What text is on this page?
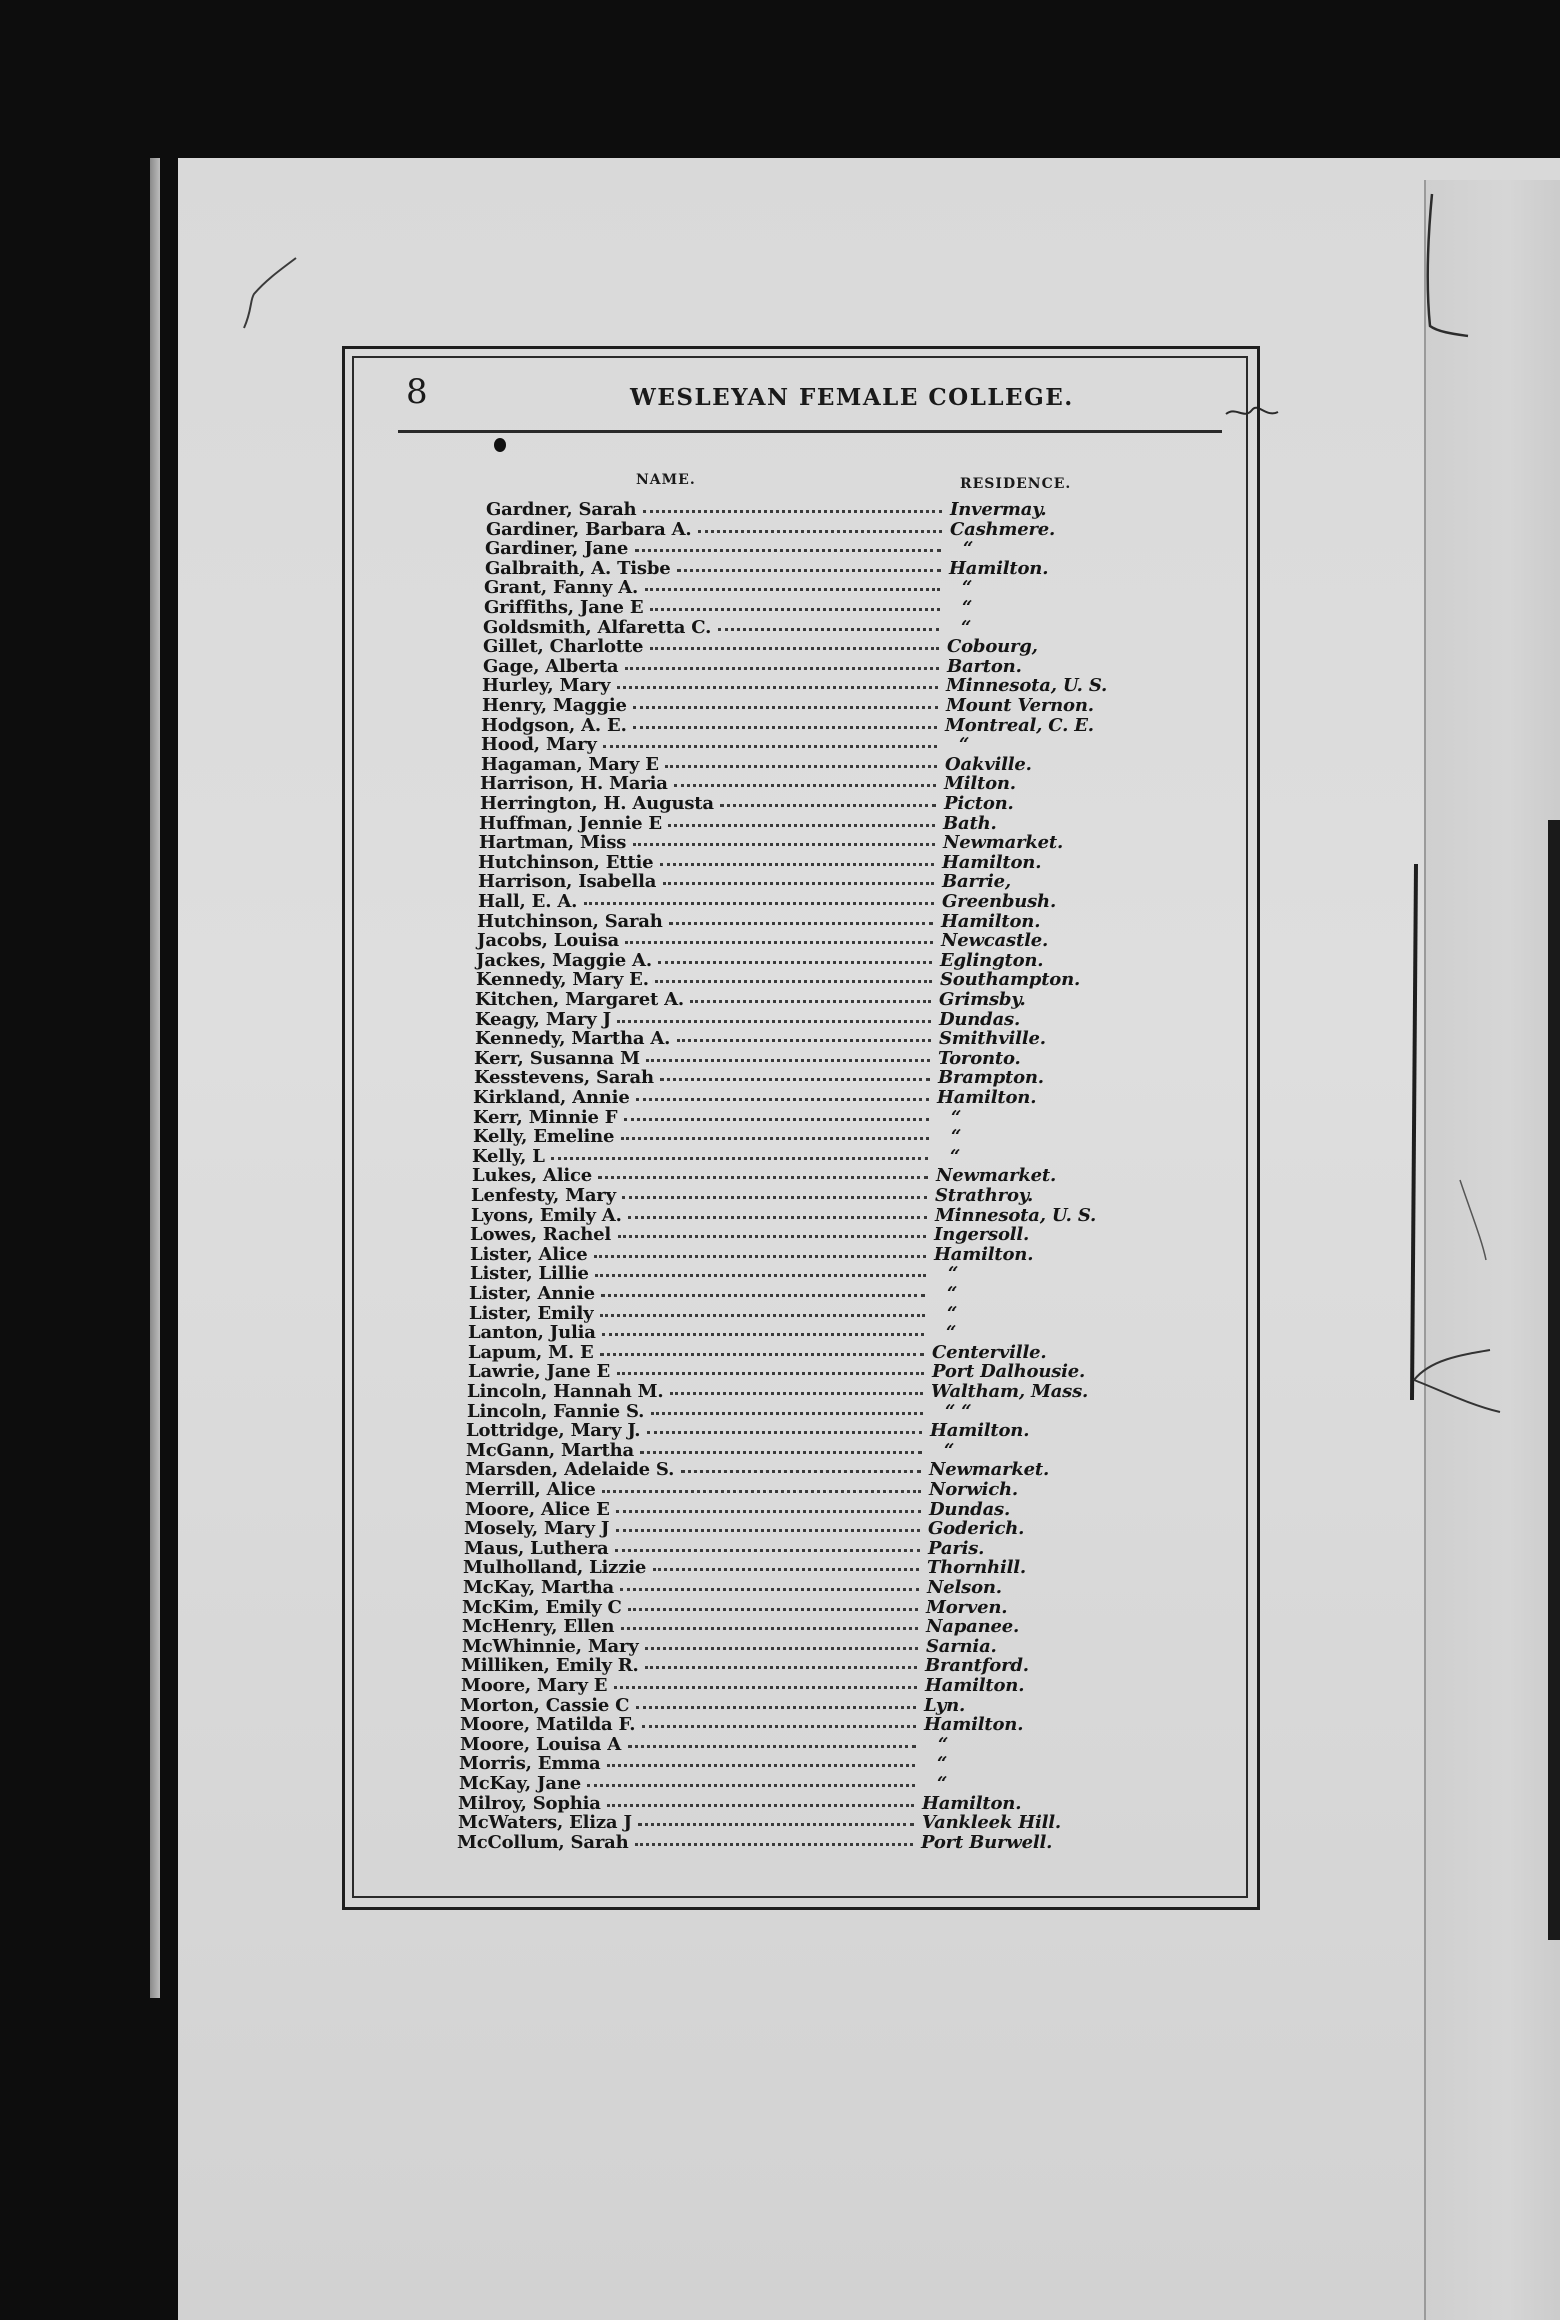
8	WESLEYAN FEMALE COLLEGE.
NAME.	RESIDENCE.
Gardner, Sarah	Invermay.
Gardiner, Barbara A.	Cashmere.
Gardiner, Jane	“
Galbraith, A. Tisbe	Hamilton.
Grant, Fanny A.	“
Griffiths, Jane E	“
Goldsmith, Alfaretta C.	“
Gillet, Charlotte	Cobourg,
Gage, Alberta	Barton.
Hurley, Mary	Minnesota, U. S.
Henry, Maggie	Mount Vernon.
Hodgson, A. E.	Montreal, C. E.
Hood, Mary	“
Hagaman, Mary E	Oakville.
Harrison, H. Maria	Milton.
Herrington, H. Augusta	Picton.
Huffman, Jennie E	Bath.
Hartman, Miss	Newmarket.
Hutchinson, Ettie	Hamilton.
Harrison, Isabella	Barrie,
Hall, E. A.	Greenbush.
Hutchinson, Sarah	Hamilton.
Jacobs, Louisa	Newcastle.
Jackes, Maggie A.	Eglington.
Kennedy, Mary E.	Southampton.
Kitchen, Margaret A.	Grimsby.
Keagy, Mary J	Dundas.
Kennedy, Martha A.	Smithville.
Kerr, Susanna M	Toronto.
Kesstevens, Sarah	Brampton.
Kirkland, Annie	Hamilton.
Kerr, Minnie F	“
Kelly, Emeline	“
Kelly, L	“
Lukes, Alice	Newmarket.
Lenfesty, Mary	Strathroy.
Lyons, Emily A.	Minnesota, U. S.
Lowes, Rachel	Ingersoll.
Lister, Alice	Hamilton.
Lister, Lillie	“
Lister, Annie	“
Lister, Emily	“
Lanton, Julia	“
Lapum, M. E	Centerville.
Lawrie, Jane E	Port Dalhousie.
Lincoln, Hannah M.	Waltham, Mass.
Lincoln, Fannie S.	“ “
Lottridge, Mary J.	Hamilton.
McGann, Martha	“
Marsden, Adelaide S.	Newmarket.
Merrill, Alice	Norwich.
Moore, Alice E	Dundas.
Mosely, Mary J	Goderich.
Maus, Luthera	Paris.
Mulholland, Lizzie	Thornhill.
McKay, Martha	Nelson.
McKim, Emily C	Morven.
McHenry, Ellen	Napanee.
McWhinnie, Mary	Sarnia.
Milliken, Emily R.	Brantford.
Moore, Mary E	Hamilton.
Morton, Cassie C	Lyn.
Moore, Matilda F.	Hamilton.
Moore, Louisa A	“
Morris, Emma	“
McKay, Jane	“
Milroy, Sophia	Hamilton.
McWaters, Eliza J	Vankleek Hill.
McCollum, Sarah	Port Burwell.
